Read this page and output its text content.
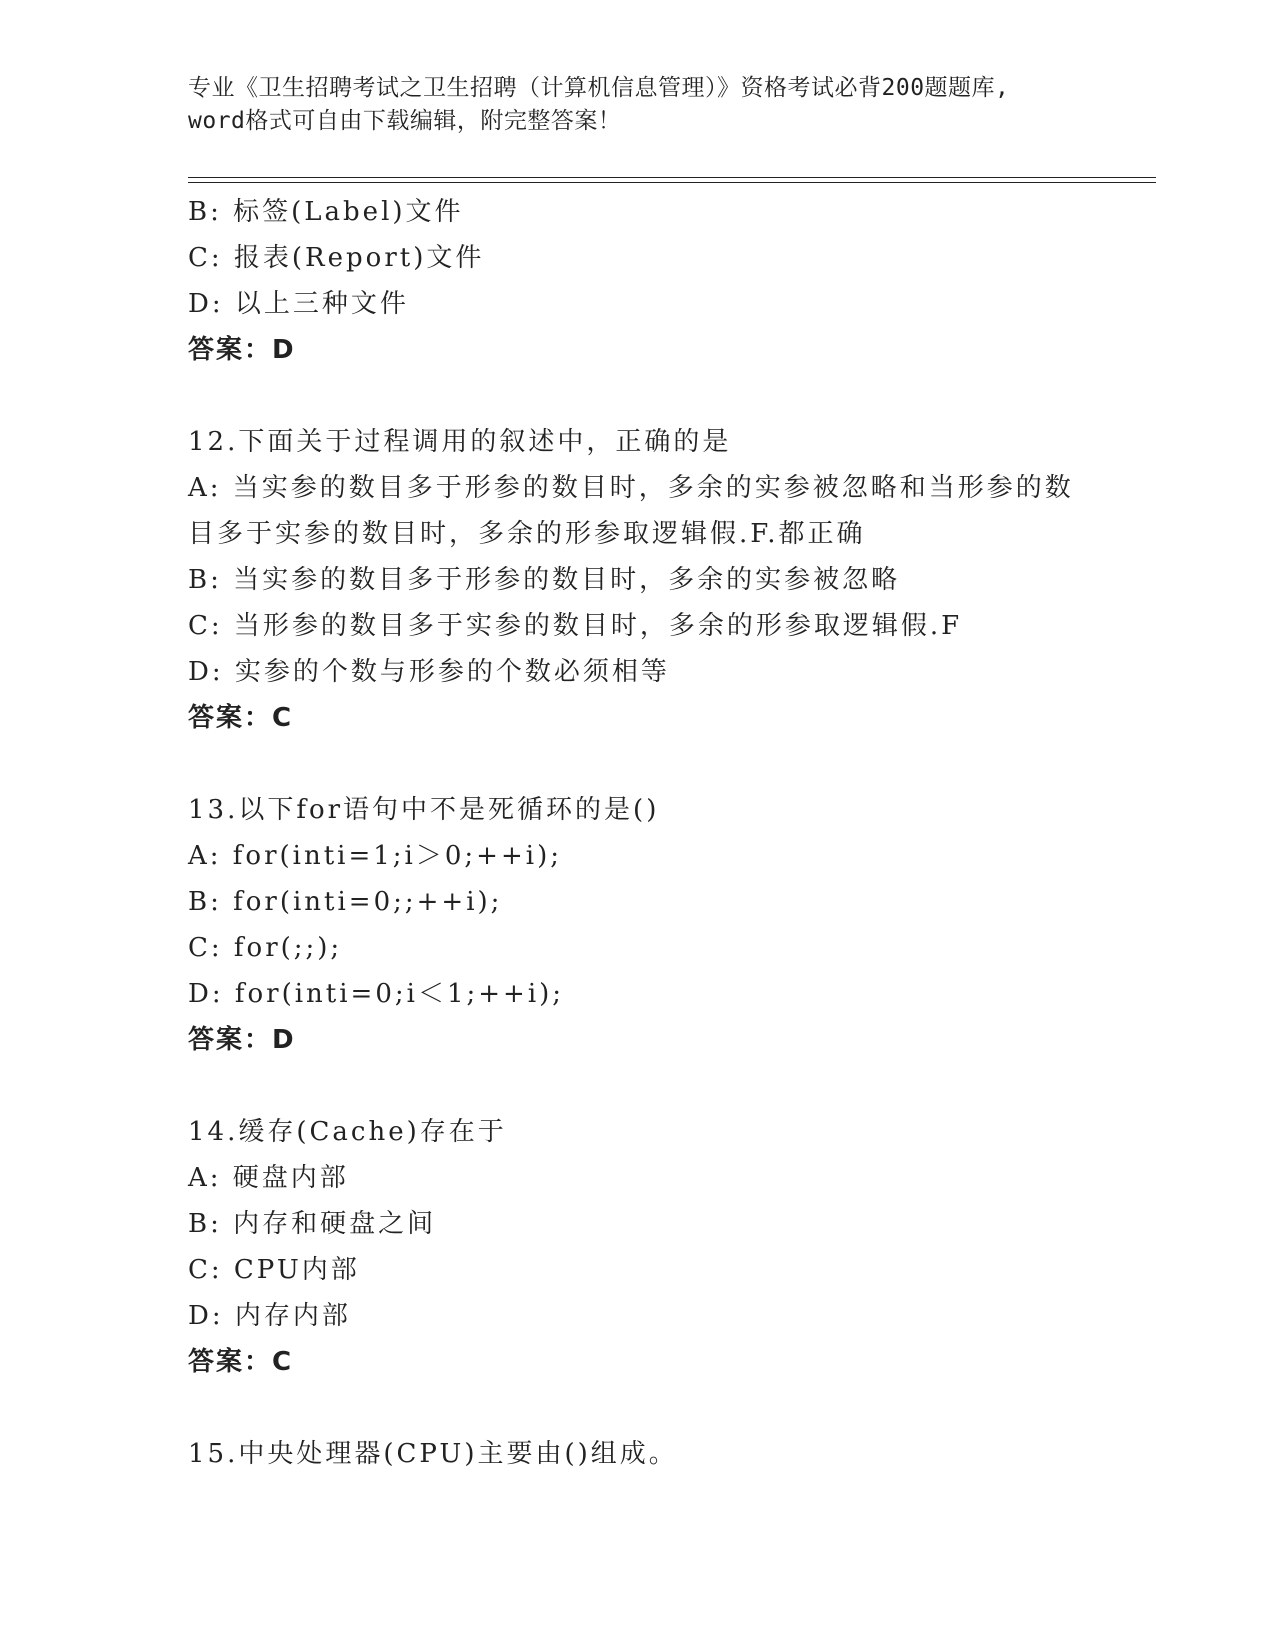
专业《卫生招聘考试之卫生招聘（计算机信息管理）》资格考试必背200题题库,
word格式可自由下载编辑，附完整答案！
B: 标签(Label)文件
C: 报表(Report)文件
D: 以上三种文件
答案：D
12.下面关于过程调用的叙述中，正确的是
A: 当实参的数目多于形参的数目时，多余的实参被忽略和当形参的数
目多于实参的数目时，多余的形参取逻辑假.F.都正确
B: 当实参的数目多于形参的数目时，多余的实参被忽略
C: 当形参的数目多于实参的数目时，多余的形参取逻辑假.F
D: 实参的个数与形参的个数必须相等
答案：C
13.以下for语句中不是死循环的是()
A: for(inti=1;i＞0;++i);
B: for(inti=0;;++i);
C: for(;;);
D: for(inti=0;i＜1;++i);
答案：D
14.缓存(Cache)存在于
A: 硬盘内部
B: 内存和硬盘之间
C: CPU内部
D: 内存内部
答案：C
15.中央处理器(CPU)主要由()组成。
